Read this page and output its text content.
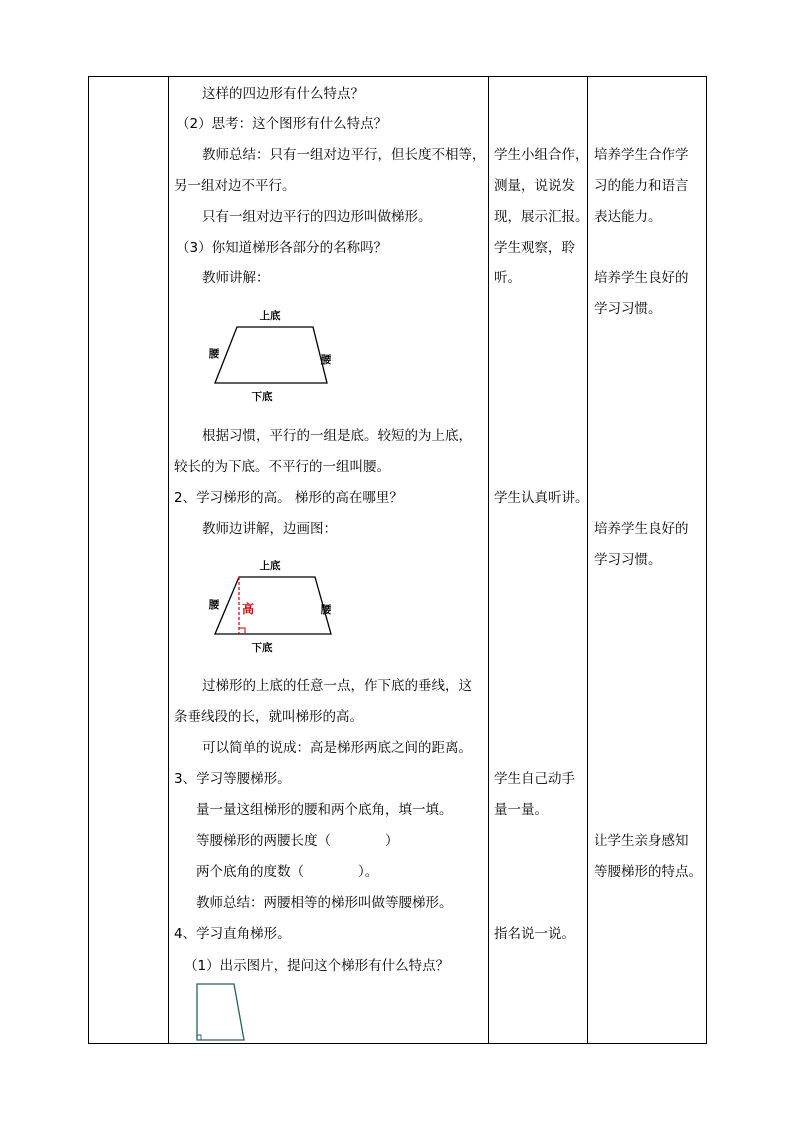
这样的四边形有什么特点？
（2）思考：这个图形有什么特点？
教师总结：只有一组对边平行，但长度不相等，
另一组对边不平行。
只有一组对边平行的四边形叫做梯形。
（3）你知道梯形各部分的名称吗？
教师讲解：
上底
下底
腰	腰
根据习惯，平行的一组是底。较短的为上底，
较长的为下底。不平行的一组叫腰。
2、学习梯形的高。 梯形的高在哪里？
教师边讲解，边画图：
上底
下底
腰	腰
高
过梯形的上底的任意一点，作下底的垂线，这
条垂线段的长，就叫梯形的高。
可以简单的说成：高是梯形两底之间的距离。
3、学习等腰梯形。
量一量这组梯形的腰和两个底角，填一填。
等腰梯形的两腰长度（　　　　）
两个底角的度数（　　　　）。
教师总结：两腰相等的梯形叫做等腰梯形。
4、学习直角梯形。
（1）出示图片，提问这个梯形有什么特点？
学生小组合作，
测量，说说发
现，展示汇报。
学生观察，聆
听。
学生认真听讲。
学生自己动手
量一量。
指名说一说。
培养学生合作学
习的能力和语言
表达能力。
培养学生良好的
学习习惯。
培养学生良好的
学习习惯。
让学生亲身感知
等腰梯形的特点。
